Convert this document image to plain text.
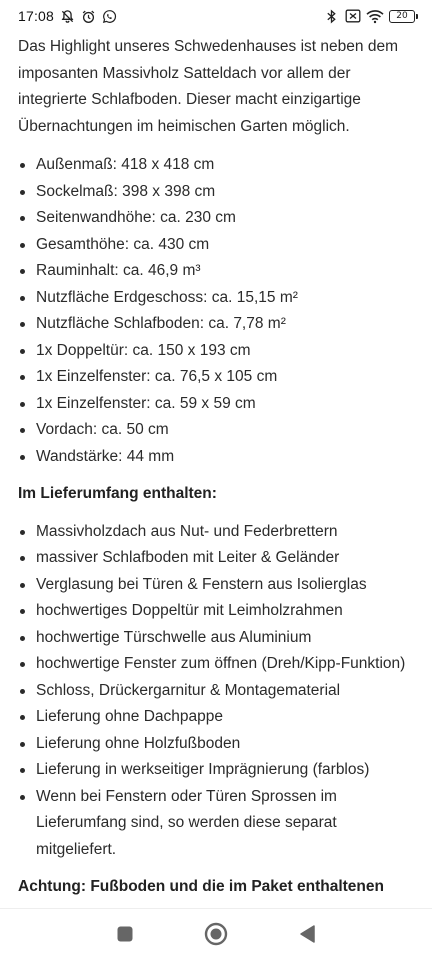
17:08	20

Das Highlight unseres Schwedenhauses ist neben dem imposanten Massivholz Satteldach vor allem der integrierte Schlafboden. Dieser macht einzigartige Übernachtungen im heimischen Garten möglich.

Außenmaß: 418 x 418 cm
Sockelmaß: 398 x 398 cm
Seitenwandhöhe: ca. 230 cm
Gesamthöhe: ca. 430 cm
Rauminhalt: ca. 46,9 m³
Nutzfläche Erdgeschoss: ca. 15,15 m²
Nutzfläche Schlafboden: ca. 7,78 m²
1x Doppeltür: ca. 150 x 193 cm
1x Einzelfenster: ca. 76,5 x 105 cm
1x Einzelfenster: ca. 59 x 59 cm
Vordach: ca. 50 cm
Wandstärke: 44 mm

Im Lieferumfang enthalten:

Massivholzdach aus Nut- und Federbrettern
massiver Schlafboden mit Leiter & Geländer
Verglasung bei Türen & Fenstern aus Isolierglas
hochwertiges Doppeltür mit Leimholzrahmen
hochwertige Türschwelle aus Aluminium
hochwertige Fenster zum öffnen (Dreh/Kipp-Funktion)
Schloss, Drückergarnitur & Montagematerial
Lieferung ohne Dachpappe
Lieferung ohne Holzfußboden
Lieferung in werkseitiger Imprägnierung (farblos)
Wenn bei Fenstern oder Türen Sprossen im Lieferumfang sind, so werden diese separat mitgeliefert.

Achtung: Fußboden und die im Paket enthaltenen
